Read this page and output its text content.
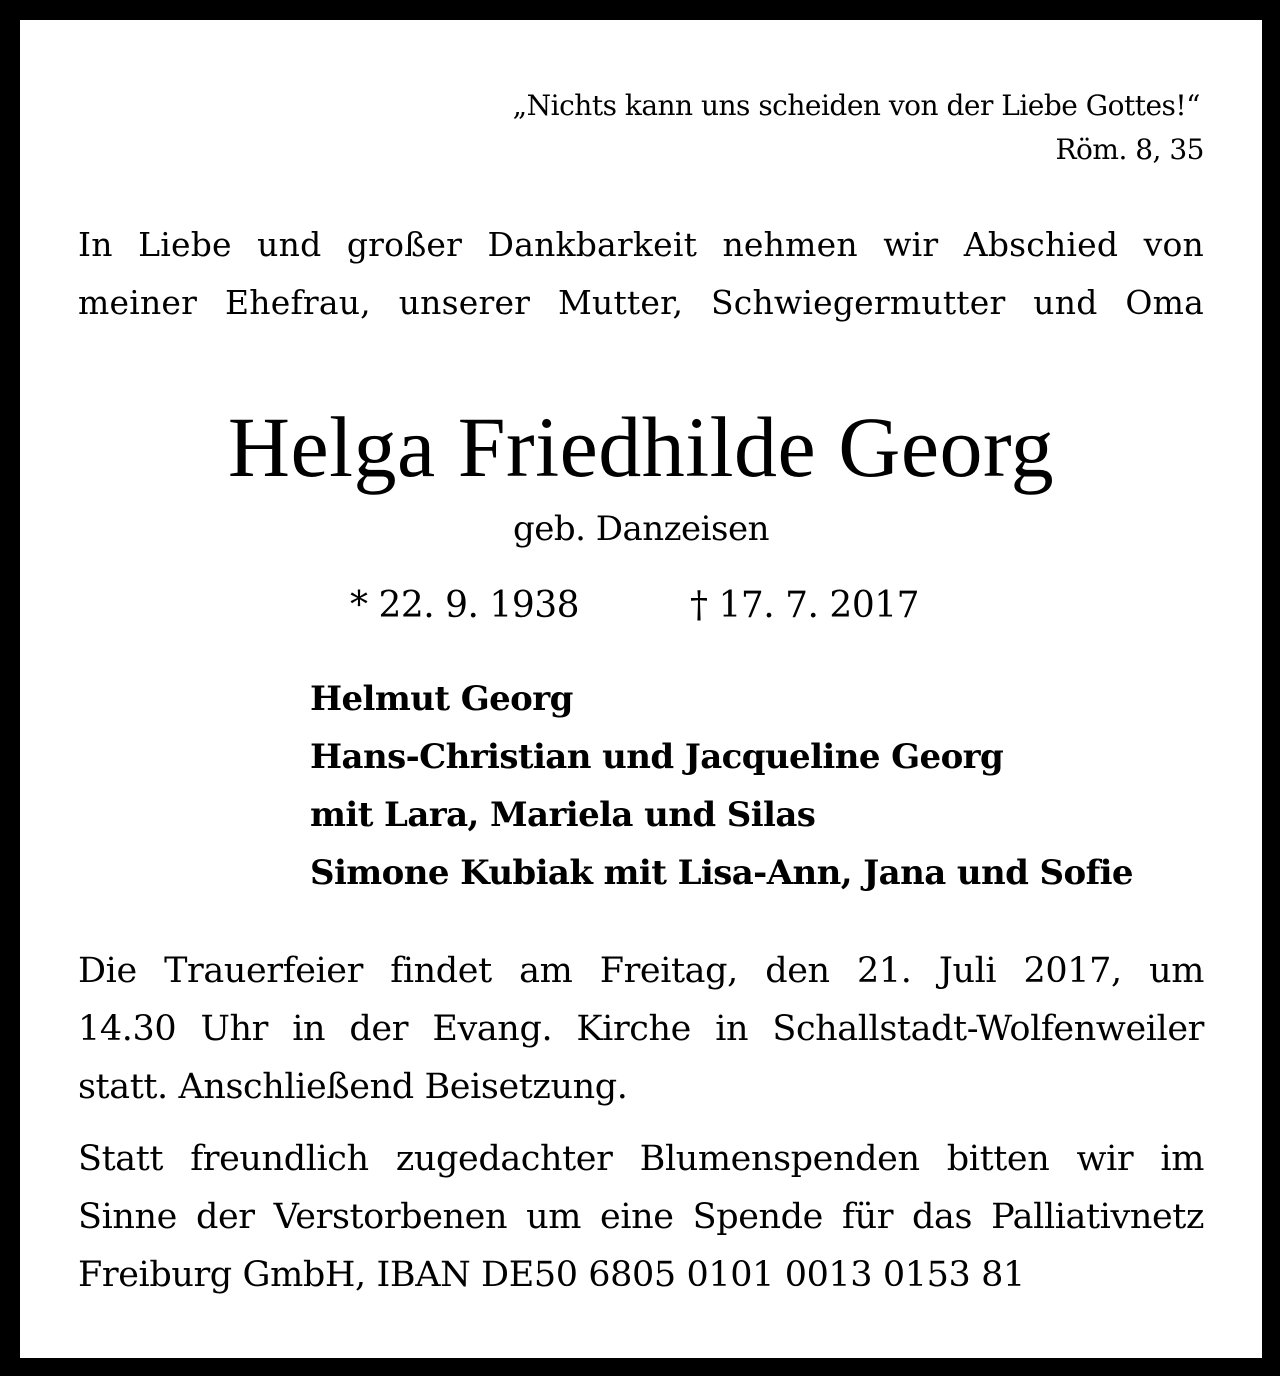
„Nichts kann uns scheiden von der Liebe Gottes!“

Röm. 8, 35

In Liebe und großer Dankbarkeit nehmen wir Abschied von

meiner Ehefrau, unserer Mutter, Schwiegermutter und Oma

Helga Friedhilde Georg

geb. Danzeisen

* 22. 9. 1938	† 17. 7. 2017

Helmut Georg

Hans-Christian und Jacqueline Georg

mit Lara, Mariela und Silas

Simone Kubiak mit Lisa-Ann, Jana und Sofie

Die Trauerfeier findet am Freitag, den 21. Juli 2017, um

14.30 Uhr in der Evang. Kirche in Schallstadt-Wolfenweiler

statt. Anschließend Beisetzung.

Statt freundlich zugedachter Blumenspenden bitten wir im

Sinne der Verstorbenen um eine Spende für das Palliativnetz

Freiburg GmbH, IBAN DE50 6805 0101 0013 0153 81
